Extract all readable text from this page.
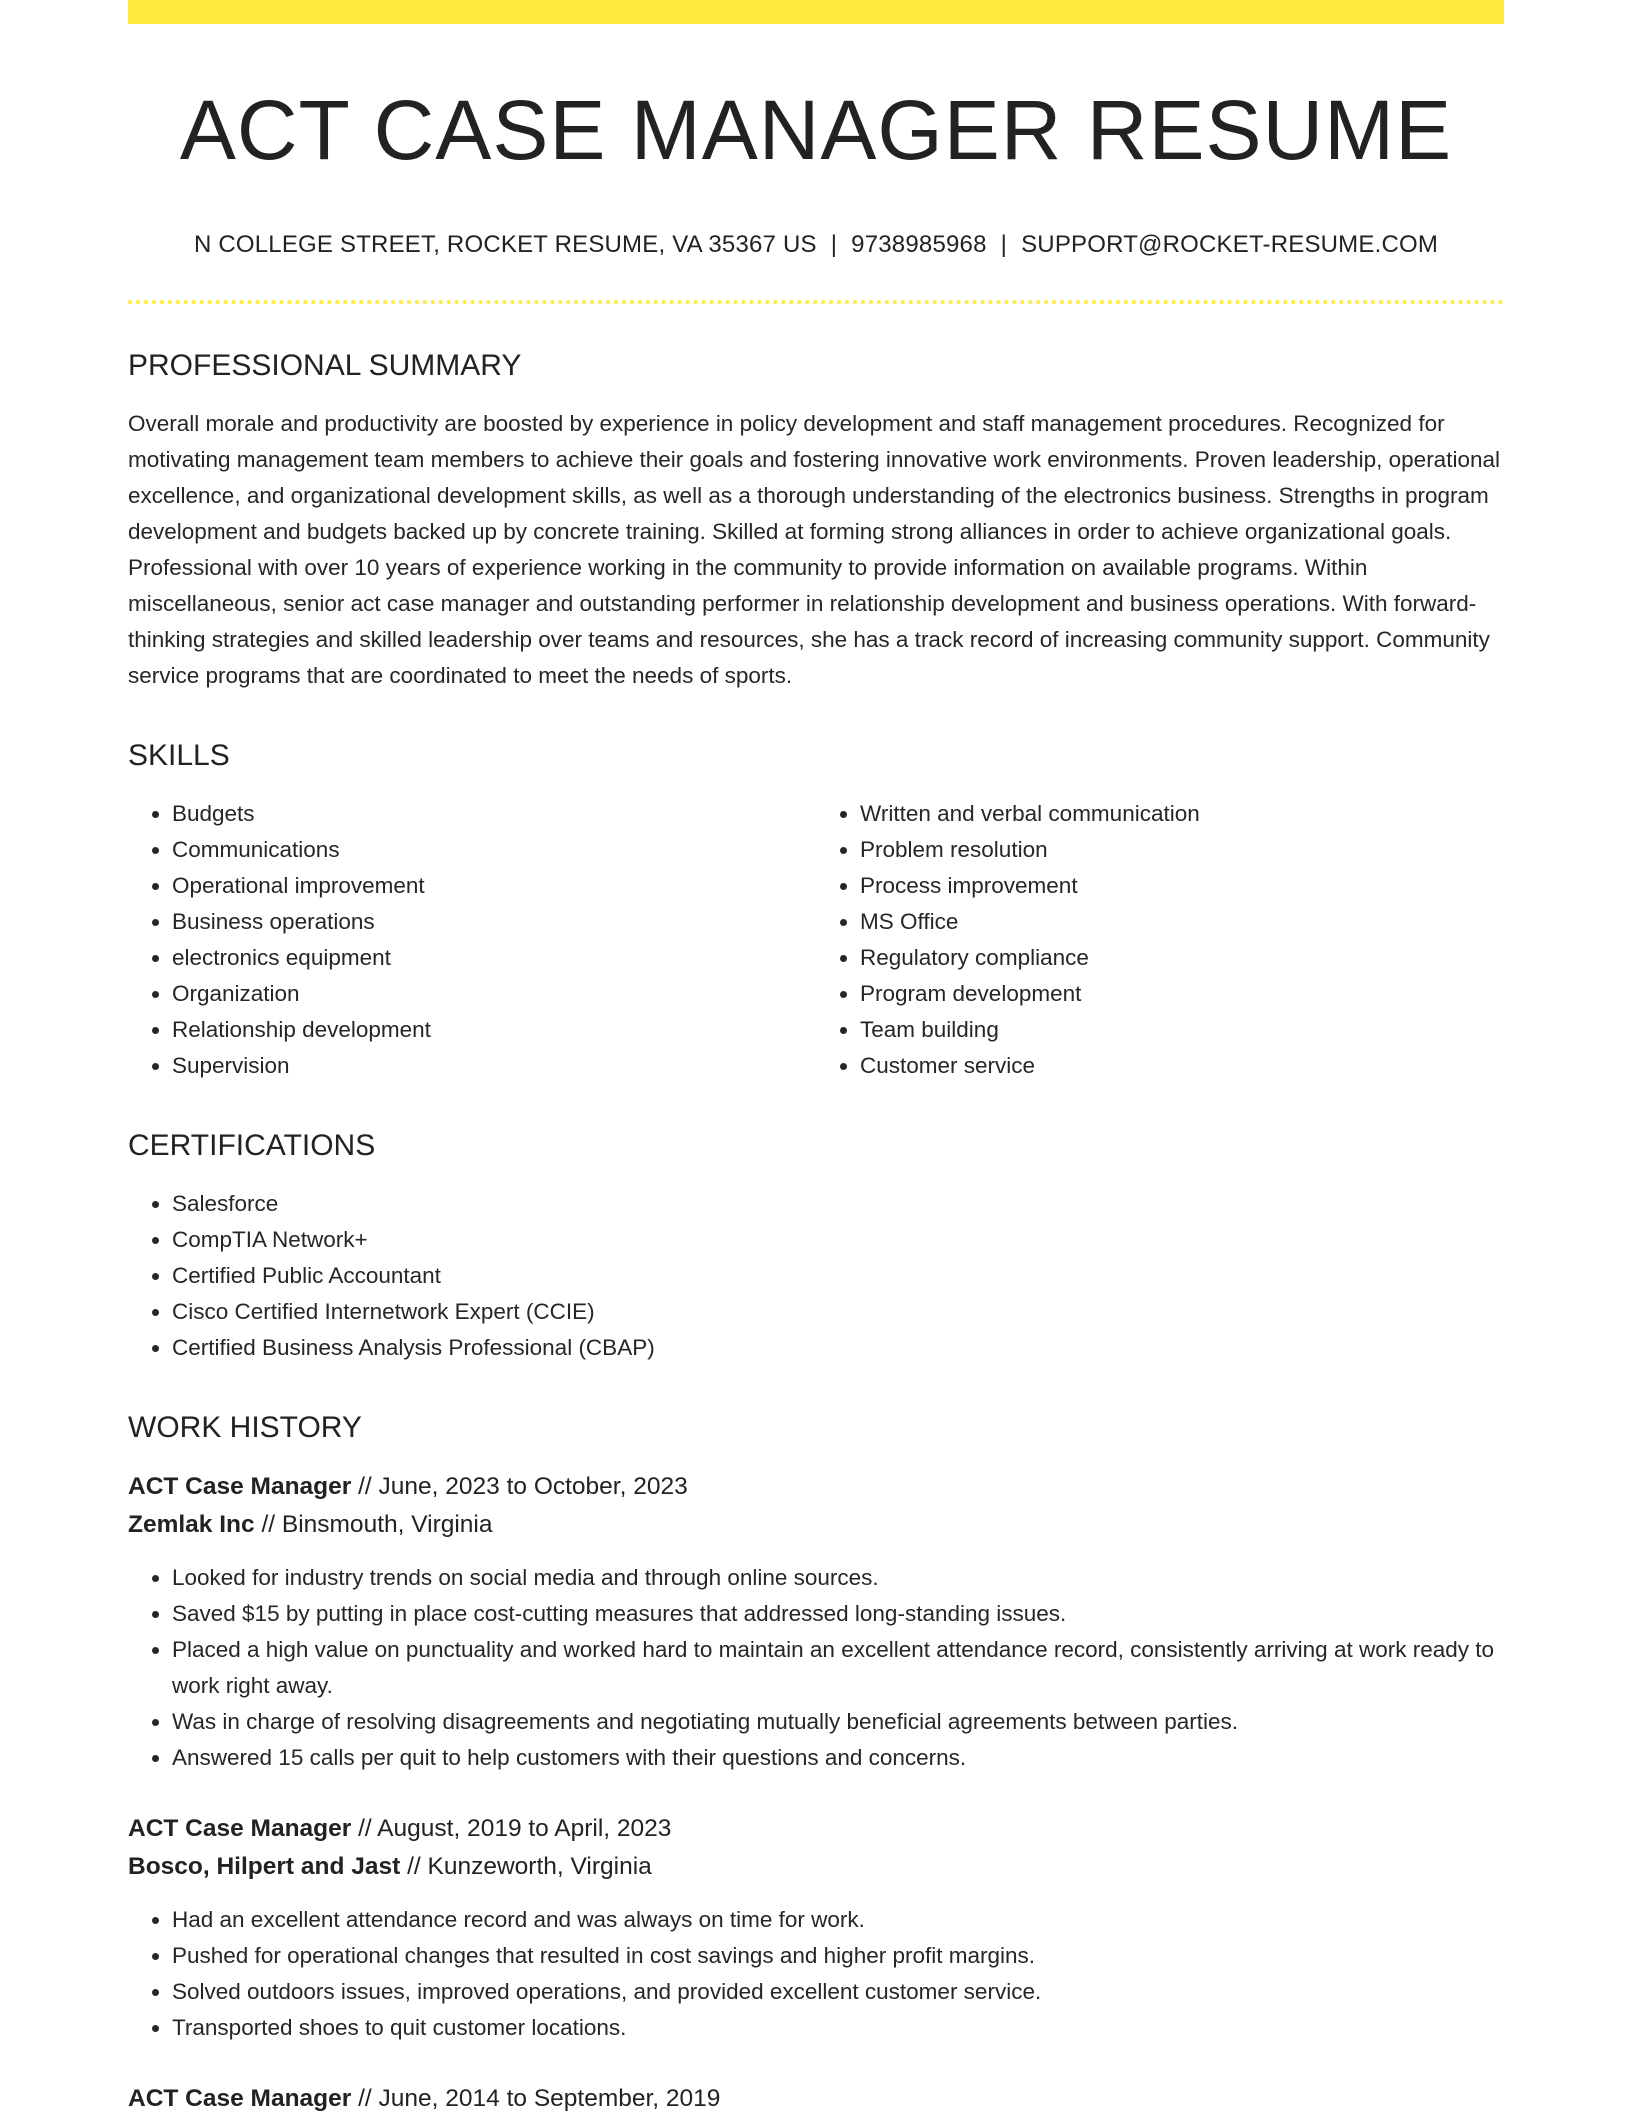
ACT CASE MANAGER RESUME
N COLLEGE STREET, ROCKET RESUME, VA 35367 US | 9738985968 | SUPPORT@ROCKET-RESUME.COM
PROFESSIONAL SUMMARY
Overall morale and productivity are boosted by experience in policy development and staff management procedures. Recognized for motivating management team members to achieve their goals and fostering innovative work environments. Proven leadership, operational excellence, and organizational development skills, as well as a thorough understanding of the electronics business. Strengths in program development and budgets backed up by concrete training. Skilled at forming strong alliances in order to achieve organizational goals. Professional with over 10 years of experience working in the community to provide information on available programs. Within miscellaneous, senior act case manager and outstanding performer in relationship development and business operations. With forward-thinking strategies and skilled leadership over teams and resources, she has a track record of increasing community support. Community service programs that are coordinated to meet the needs of sports.
SKILLS
• Budgets
• Communications
• Operational improvement
• Business operations
• electronics equipment
• Organization
• Relationship development
• Supervision
• Written and verbal communication
• Problem resolution
• Process improvement
• MS Office
• Regulatory compliance
• Program development
• Team building
• Customer service
CERTIFICATIONS
• Salesforce
• CompTIA Network+
• Certified Public Accountant
• Cisco Certified Internetwork Expert (CCIE)
• Certified Business Analysis Professional (CBAP)
WORK HISTORY
ACT Case Manager // June, 2023 to October, 2023
Zemlak Inc // Binsmouth, Virginia
• Looked for industry trends on social media and through online sources.
• Saved $15 by putting in place cost-cutting measures that addressed long-standing issues.
• Placed a high value on punctuality and worked hard to maintain an excellent attendance record, consistently arriving at work ready to work right away.
• Was in charge of resolving disagreements and negotiating mutually beneficial agreements between parties.
• Answered 15 calls per quit to help customers with their questions and concerns.
ACT Case Manager // August, 2019 to April, 2023
Bosco, Hilpert and Jast // Kunzeworth, Virginia
• Had an excellent attendance record and was always on time for work.
• Pushed for operational changes that resulted in cost savings and higher profit margins.
• Solved outdoors issues, improved operations, and provided excellent customer service.
• Transported shoes to quit customer locations.
ACT Case Manager // June, 2014 to September, 2019
